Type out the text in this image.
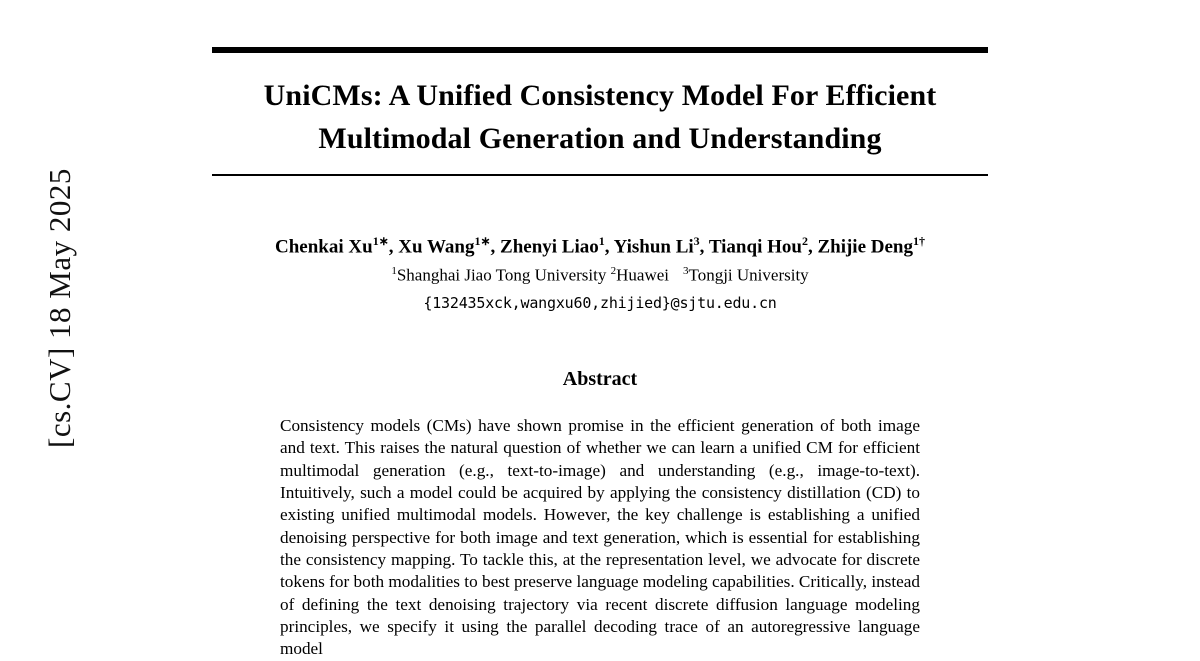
[cs.CV] 18 May 2025
UniCMs: A Unified Consistency Model For Efficient
Multimodal Generation and Understanding
Chenkai $Xu^{1∗}$, Xu Wang$^{1∗}$, Zhenyi Liao$^1$, Yishun Li$^3$, Tianqi Hou$^2$, Zhijie Deng$^{1\dagger}$
$^1$Shanghai Jiao Tong University $^2$Huawei $^3$Tongji University
{132435xck,wangxu60,zhijied}@sjtu.edu.cn
Abstract
Consistency models (CMs) have shown promise in the efficient generation of both image and text. This raises the natural question of whether we can learn a unified CM for efficient multimodal generation (e.g., text-to-image) and understanding (e.g., image-to-text). Intuitively, such a model could be acquired by applying the consistency distillation (CD) to existing unified multimodal models. However, the key challenge is establishing a unified denoising perspective for both image and text generation, which is essential for establishing the consistency mapping. To tackle this, at the representation level, we advocate for discrete tokens for both modalities to best preserve language modeling capabilities. Critically, instead of defining the text denoising trajectory via recent discrete diffusion language modeling principles, we specify it using the parallel decoding trace of an autoregressive language model
